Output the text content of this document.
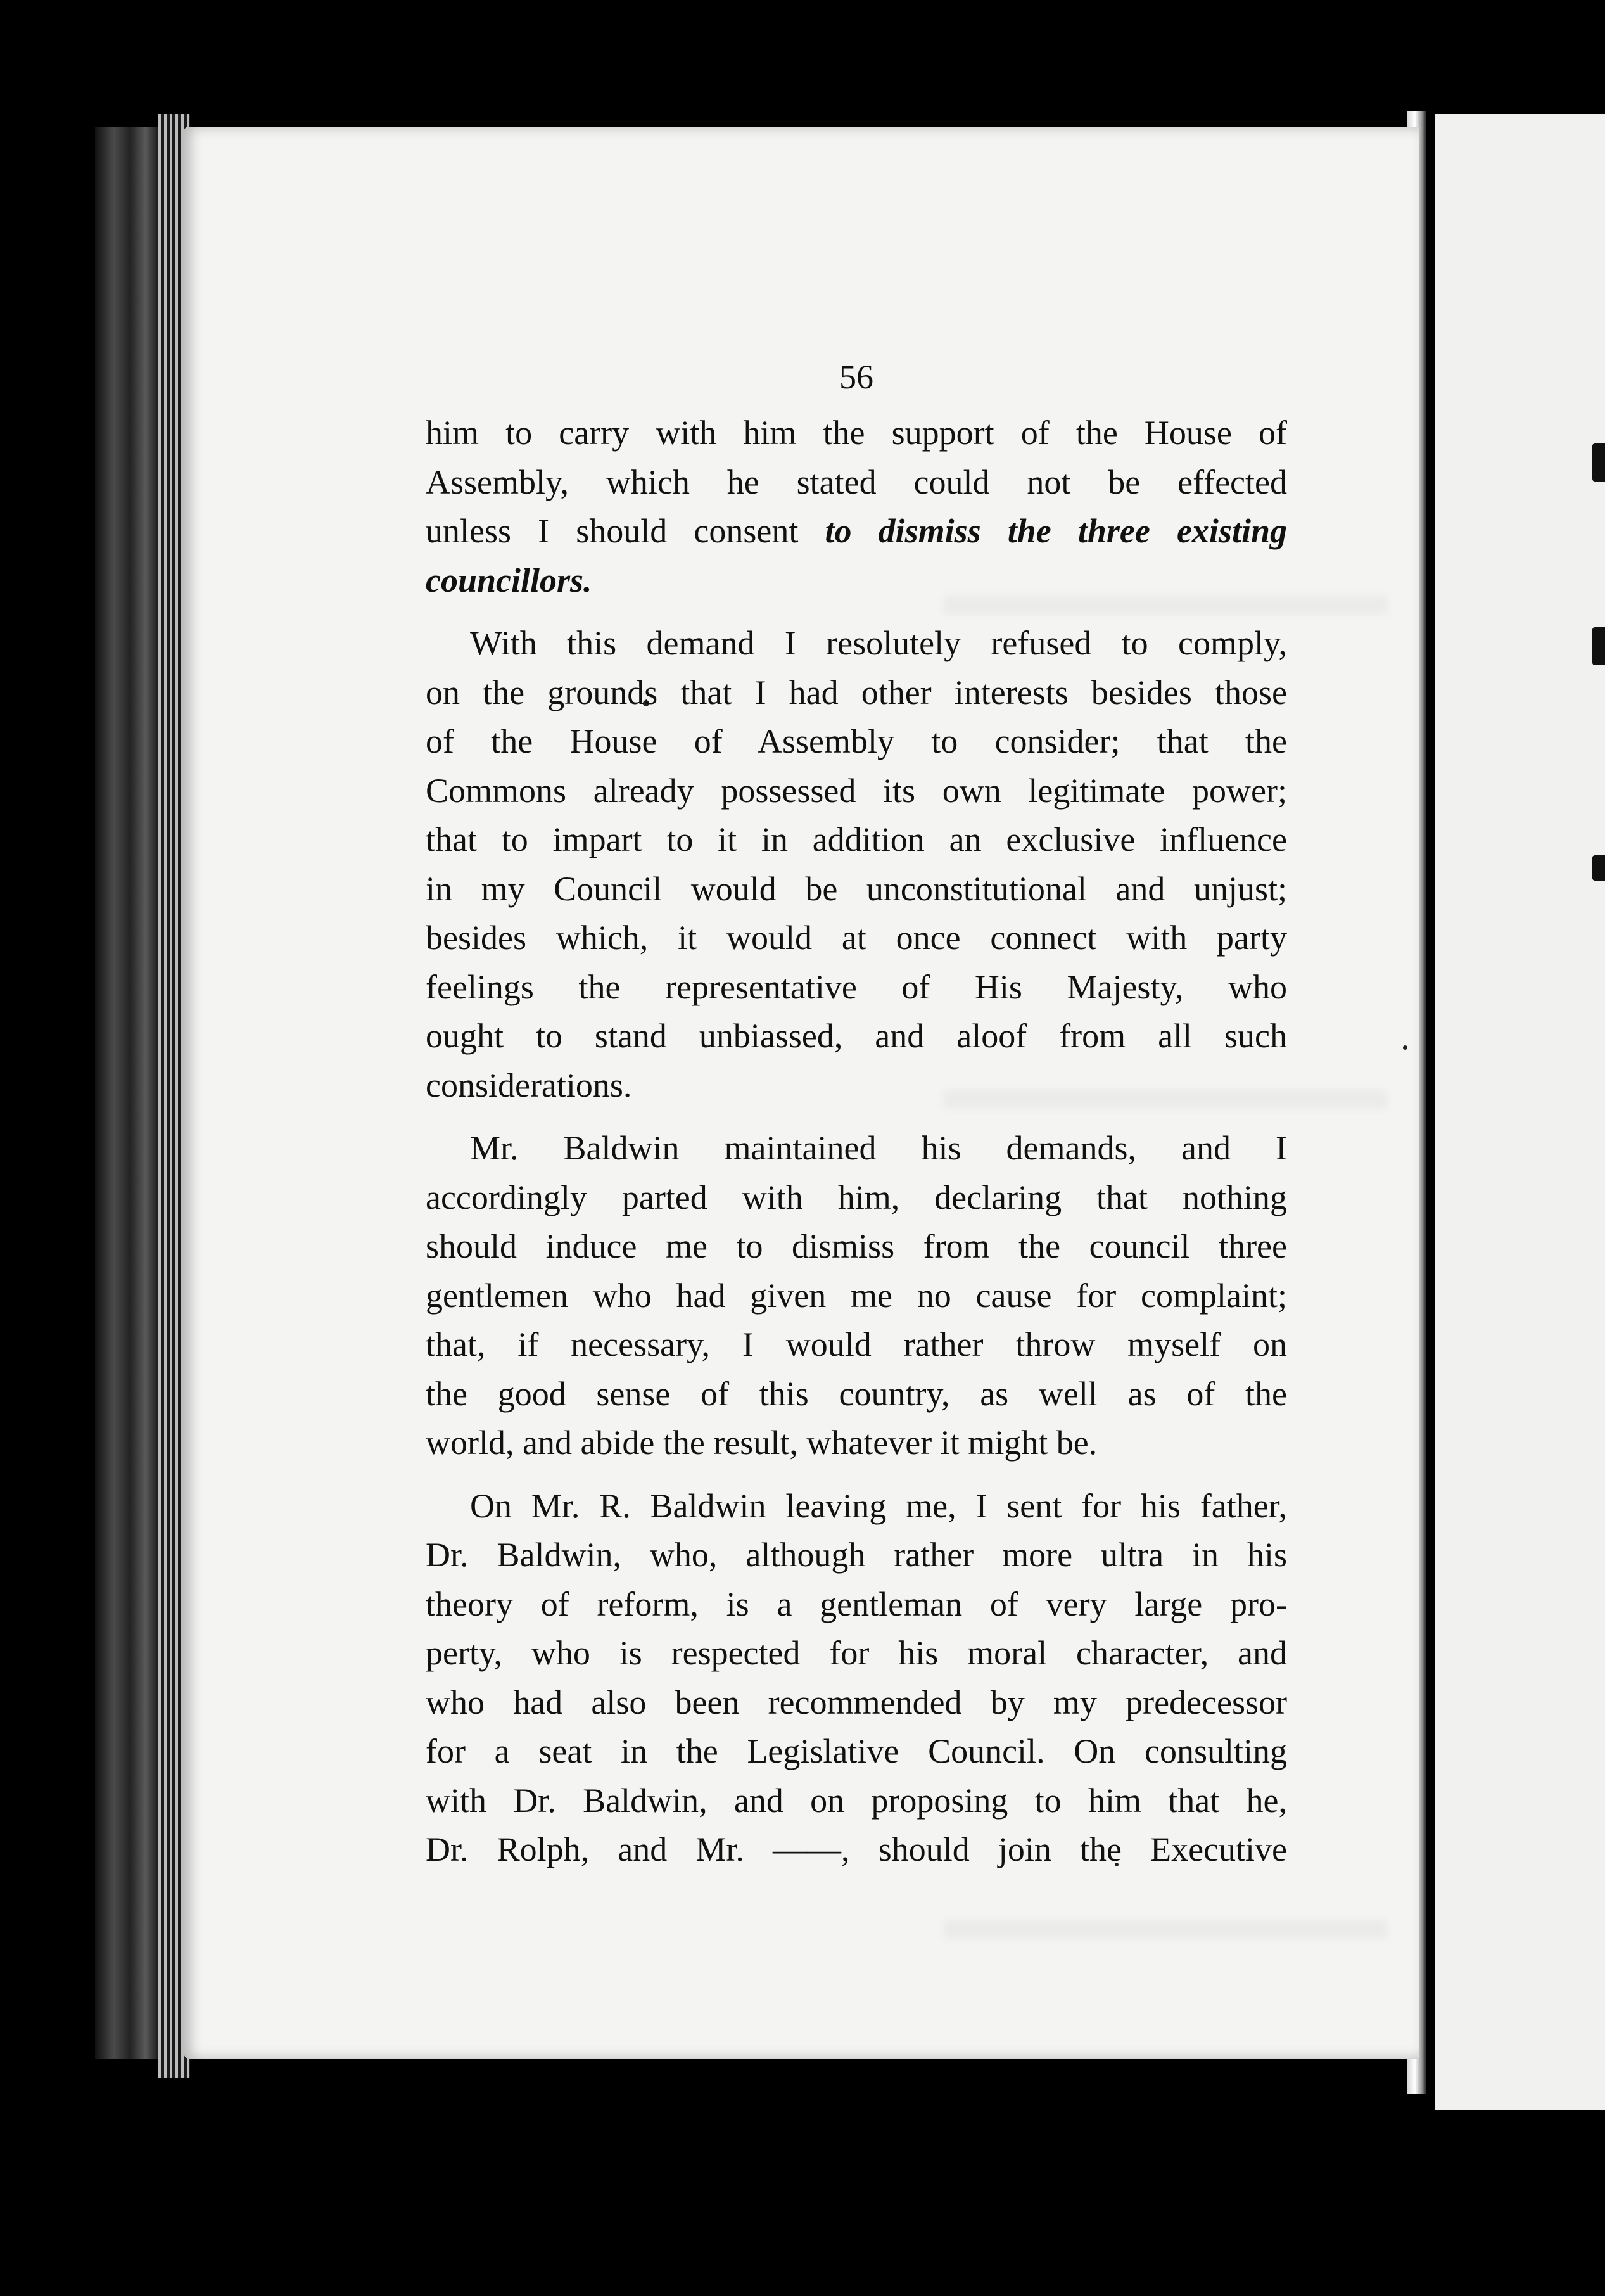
56
him to carry with him the support of the House of
Assembly, which he stated could not be effected
unless I should consent to dismiss the three existing
councillors.
With this demand I resolutely refused to comply,
on the grounds that I had other interests besides those
of the House of Assembly to consider; that the
Commons already possessed its own legitimate power;
that to impart to it in addition an exclusive influence
in my Council would be unconstitutional and unjust;
besides which, it would at once connect with party
feelings the representative of His Majesty, who
ought to stand unbiassed, and aloof from all such
considerations.
Mr. Baldwin maintained his demands, and I
accordingly parted with him, declaring that nothing
should induce me to dismiss from the council three
gentlemen who had given me no cause for complaint;
that, if necessary, I would rather throw myself on
the good sense of this country, as well as of the
world, and abide the result, whatever it might be.
On Mr. R. Baldwin leaving me, I sent for his father,
Dr. Baldwin, who, although rather more ultra in his
theory of reform, is a gentleman of very large pro-
perty, who is respected for his moral character, and
who had also been recommended by my predecessor
for a seat in the Legislative Council. On consulting
with Dr. Baldwin, and on proposing to him that he,
Dr. Rolph, and Mr. ——, should join the Executive
